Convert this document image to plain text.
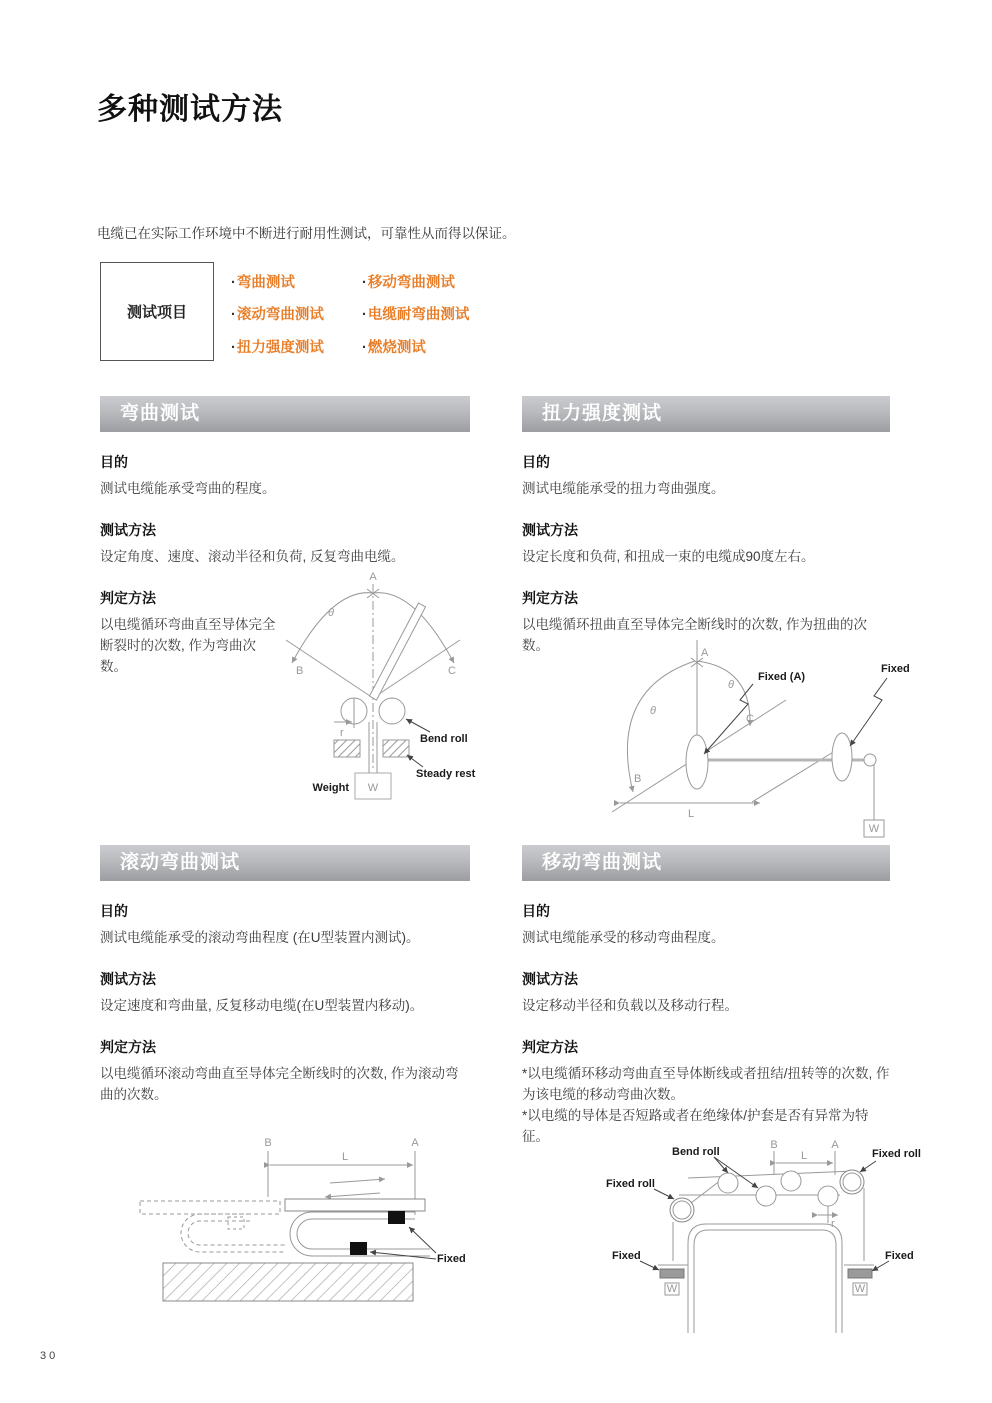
多种测试方法

电缆已在实际工作环境中不断进行耐用性测试，可靠性从而得以保证。

测试项目
·弯曲测试	·移动弯曲测试
·滚动弯曲测试	·电缆耐弯曲测试
·扭力强度测试	·燃烧测试
弯曲测试
目的

测试电缆能承受弯曲的程度。

测试方法

设定角度、速度、滚动半径和负荷, 反复弯曲电缆。

判定方法

以电缆循环弯曲直至导体完全断裂时的次数, 作为弯曲次数。

A
B	C
θ
r
W
Weight
Bend roll
Steady rest
扭力强度测试
目的

测试电缆能承受的扭力弯曲强度。

测试方法

设定长度和负荷, 和扭成一束的电缆成90度左右。

判定方法

以电缆循环扭曲直至导体完全断线时的次数, 作为扭曲的次数。

A
θ
θ
B
C
L
Fixed (A)
Fixed
W
滚动弯曲测试
目的

测试电缆能承受的滚动弯曲程度 (在U型装置内测试)。

测试方法

设定速度和弯曲量, 反复移动电缆(在U型装置内移动)。

判定方法

以电缆循环滚动弯曲直至导体完全断线时的次数, 作为滚动弯曲的次数。

B	A
L
Fixed
移动弯曲测试
目的

测试电缆能承受的移动弯曲程度。

测试方法

设定移动半径和负载以及移动行程。

判定方法

*以电缆循环移动弯曲直至导体断线或者扭结/扭转等的次数, 作为该电缆的移动弯曲次数。

*以电缆的导体是否短路或者在绝缘体/护套是否有异常为特征。

Bend roll
Fixed roll
Fixed roll
B	A
L
r
W	W
Fixed	Fixed
30
